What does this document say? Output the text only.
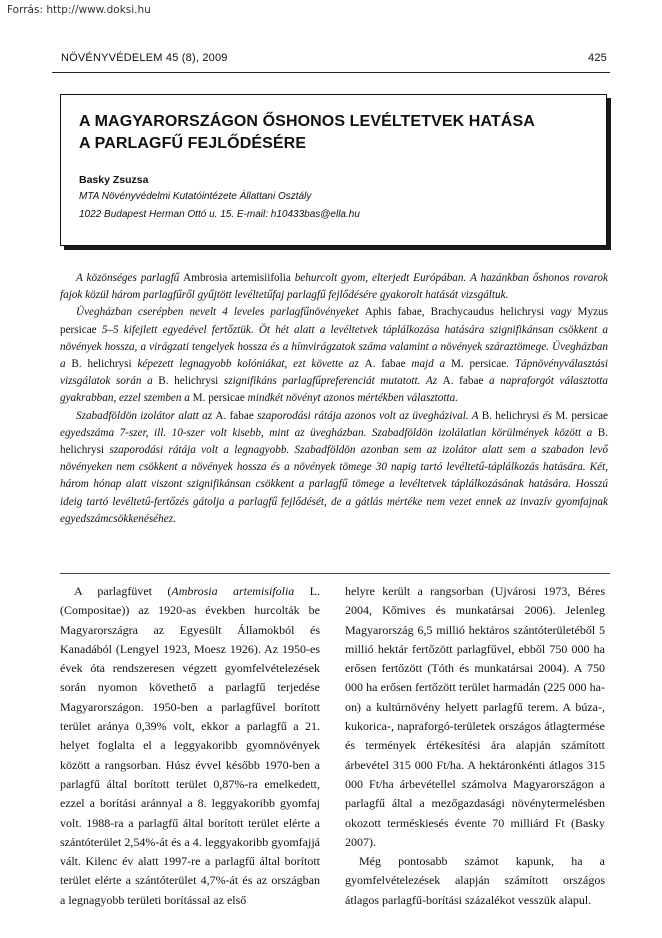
Forrás: http://www.doksi.hu
NÖVÉNYVÉDELEM 45 (8), 2009	425
A MAGYARORSZÁGON ŐSHONOS LEVÉLTETVEK HATÁSA
A PARLAGFŰ FEJLŐDÉSÉRE
Basky Zsuzsa
MTA Növényvédelmi Kutatóintézete Állattani Osztály
1022 Budapest Herman Ottó u. 15. E-mail: h10433bas@ella.hu

A közönséges parlagfű Ambrosia artemisiifolia behurcolt gyom, elterjedt Európában. A hazánkban őshonos rovarok fajok közül három parlagfűről gyűjtött levéltetűfaj parlagfű fejlődésére gyakorolt hatását vizsgáltuk.

Üvegházban cserépben nevelt 4 leveles parlagfűnövényeket Aphis fabae, Brachycaudus helichrysi vagy Myzus persicae 5–5 kifejlett egyedével fertőztük. Öt hét alatt a levéltetvek táplálkozása hatására szignifikánsan csökkent a növények hossza, a virágzati tengelyek hossza és a hímvirágzatok száma valamint a növények száraztömege. Üvegházban a B. helichrysi képezett legnagyobb kolóniákat, ezt követte az A. fabae majd a M. persicae. Tápnövényválasztási vizsgálatok során a B. helichrysi szignifikáns parlagfűpreferenciát mutatott. Az A. fabae a napraforgót választotta gyakrabban, ezzel szemben a M. persicae mindkét növényt azonos mértékben választotta.

Szabadföldön izolátor alatt az A. fabae szaporodási rátája azonos volt az üvegházival. A B. helichrysi és M. persicae egyedszáma 7-szer, ill. 10-szer volt kisebb, mint az üvegházban. Szabadföldön izolálatlan körülmények között a B. helichrysi szaporodási rátája volt a legnagyobb. Szabadföldön azonban sem az izolátor alatt sem a szabadon levő növényeken nem csökkent a növények hossza és a növények tömege 30 napig tartó levéltetű-táplálkozás hatására. Két, három hónap alatt viszont szignifikánsan csökkent a parlagfű tömege a levéltetvek táplálkozásának hatására. Hosszú ideig tartó levéltetű-fertőzés gátolja a parlagfű fejlődését, de a gátlás mértéke nem vezet ennek az invazív gyomfajnak egyedszámcsökkenéséhez.

A parlagfüvet (Ambrosia artemisifolia L. (Compositae)) az 1920-as években hurcolták be Magyarországra az Egyesült Államokból és Kanadából (Lengyel 1923, Moesz 1926). Az 1950-es évek óta rendszeresen végzett gyomfelvételezések során nyomon követhető a parlagfű terjedése Magyarországon. 1950-ben a parlagfűvel borított terület aránya 0,39% volt, ekkor a parlagfű a 21. helyet foglalta el a leggyakoribb gyomnövények között a rangsorban. Húsz évvel később 1970-ben a parlagfű által borított terület 0,87%-ra emelkedett, ezzel a borítási aránnyal a 8. leggyakoribb gyomfaj volt. 1988-ra a parlagfű által borított terület elérte a szántóterület 2,54%-át és a 4. leggyakoribb gyomfajjá vált. Kilenc év alatt 1997-re a parlagfű által borított terület elérte a szántóterület 4,7%-át és az országban a legnagyobb területi borítással az első

helyre került a rangsorban (Ujvárosi 1973, Béres 2004, Kőmives és munkatársai 2006). Jelenleg Magyarország 6,5 millió hektáros szántóterületéből 5 millió hektár fertőzött parlagfűvel, ebből 750 000 ha erősen fertőzött (Tóth és munkatársai 2004). A 750 000 ha erősen fertőzött terület harmadán (225 000 ha-on) a kultúrnövény helyett parlagfű terem. A búza-, kukorica-, napraforgó-területek országos átlagtermése és termények értékesítési ára alapján számított árbevétel 315 000 Ft/ha. A hektáronkénti átlagos 315 000 Ft/ha árbevétellel számolva Magyarországon a parlagfű által a mezőgazdasági növénytermelésben okozott terméskiesés évente 70 milliárd Ft (Basky 2007).

Még pontosabb számot kapunk, ha a gyomfelvételezések alapján számított országos átlagos parlagfű-borítási százalékot vesszük alapul.
